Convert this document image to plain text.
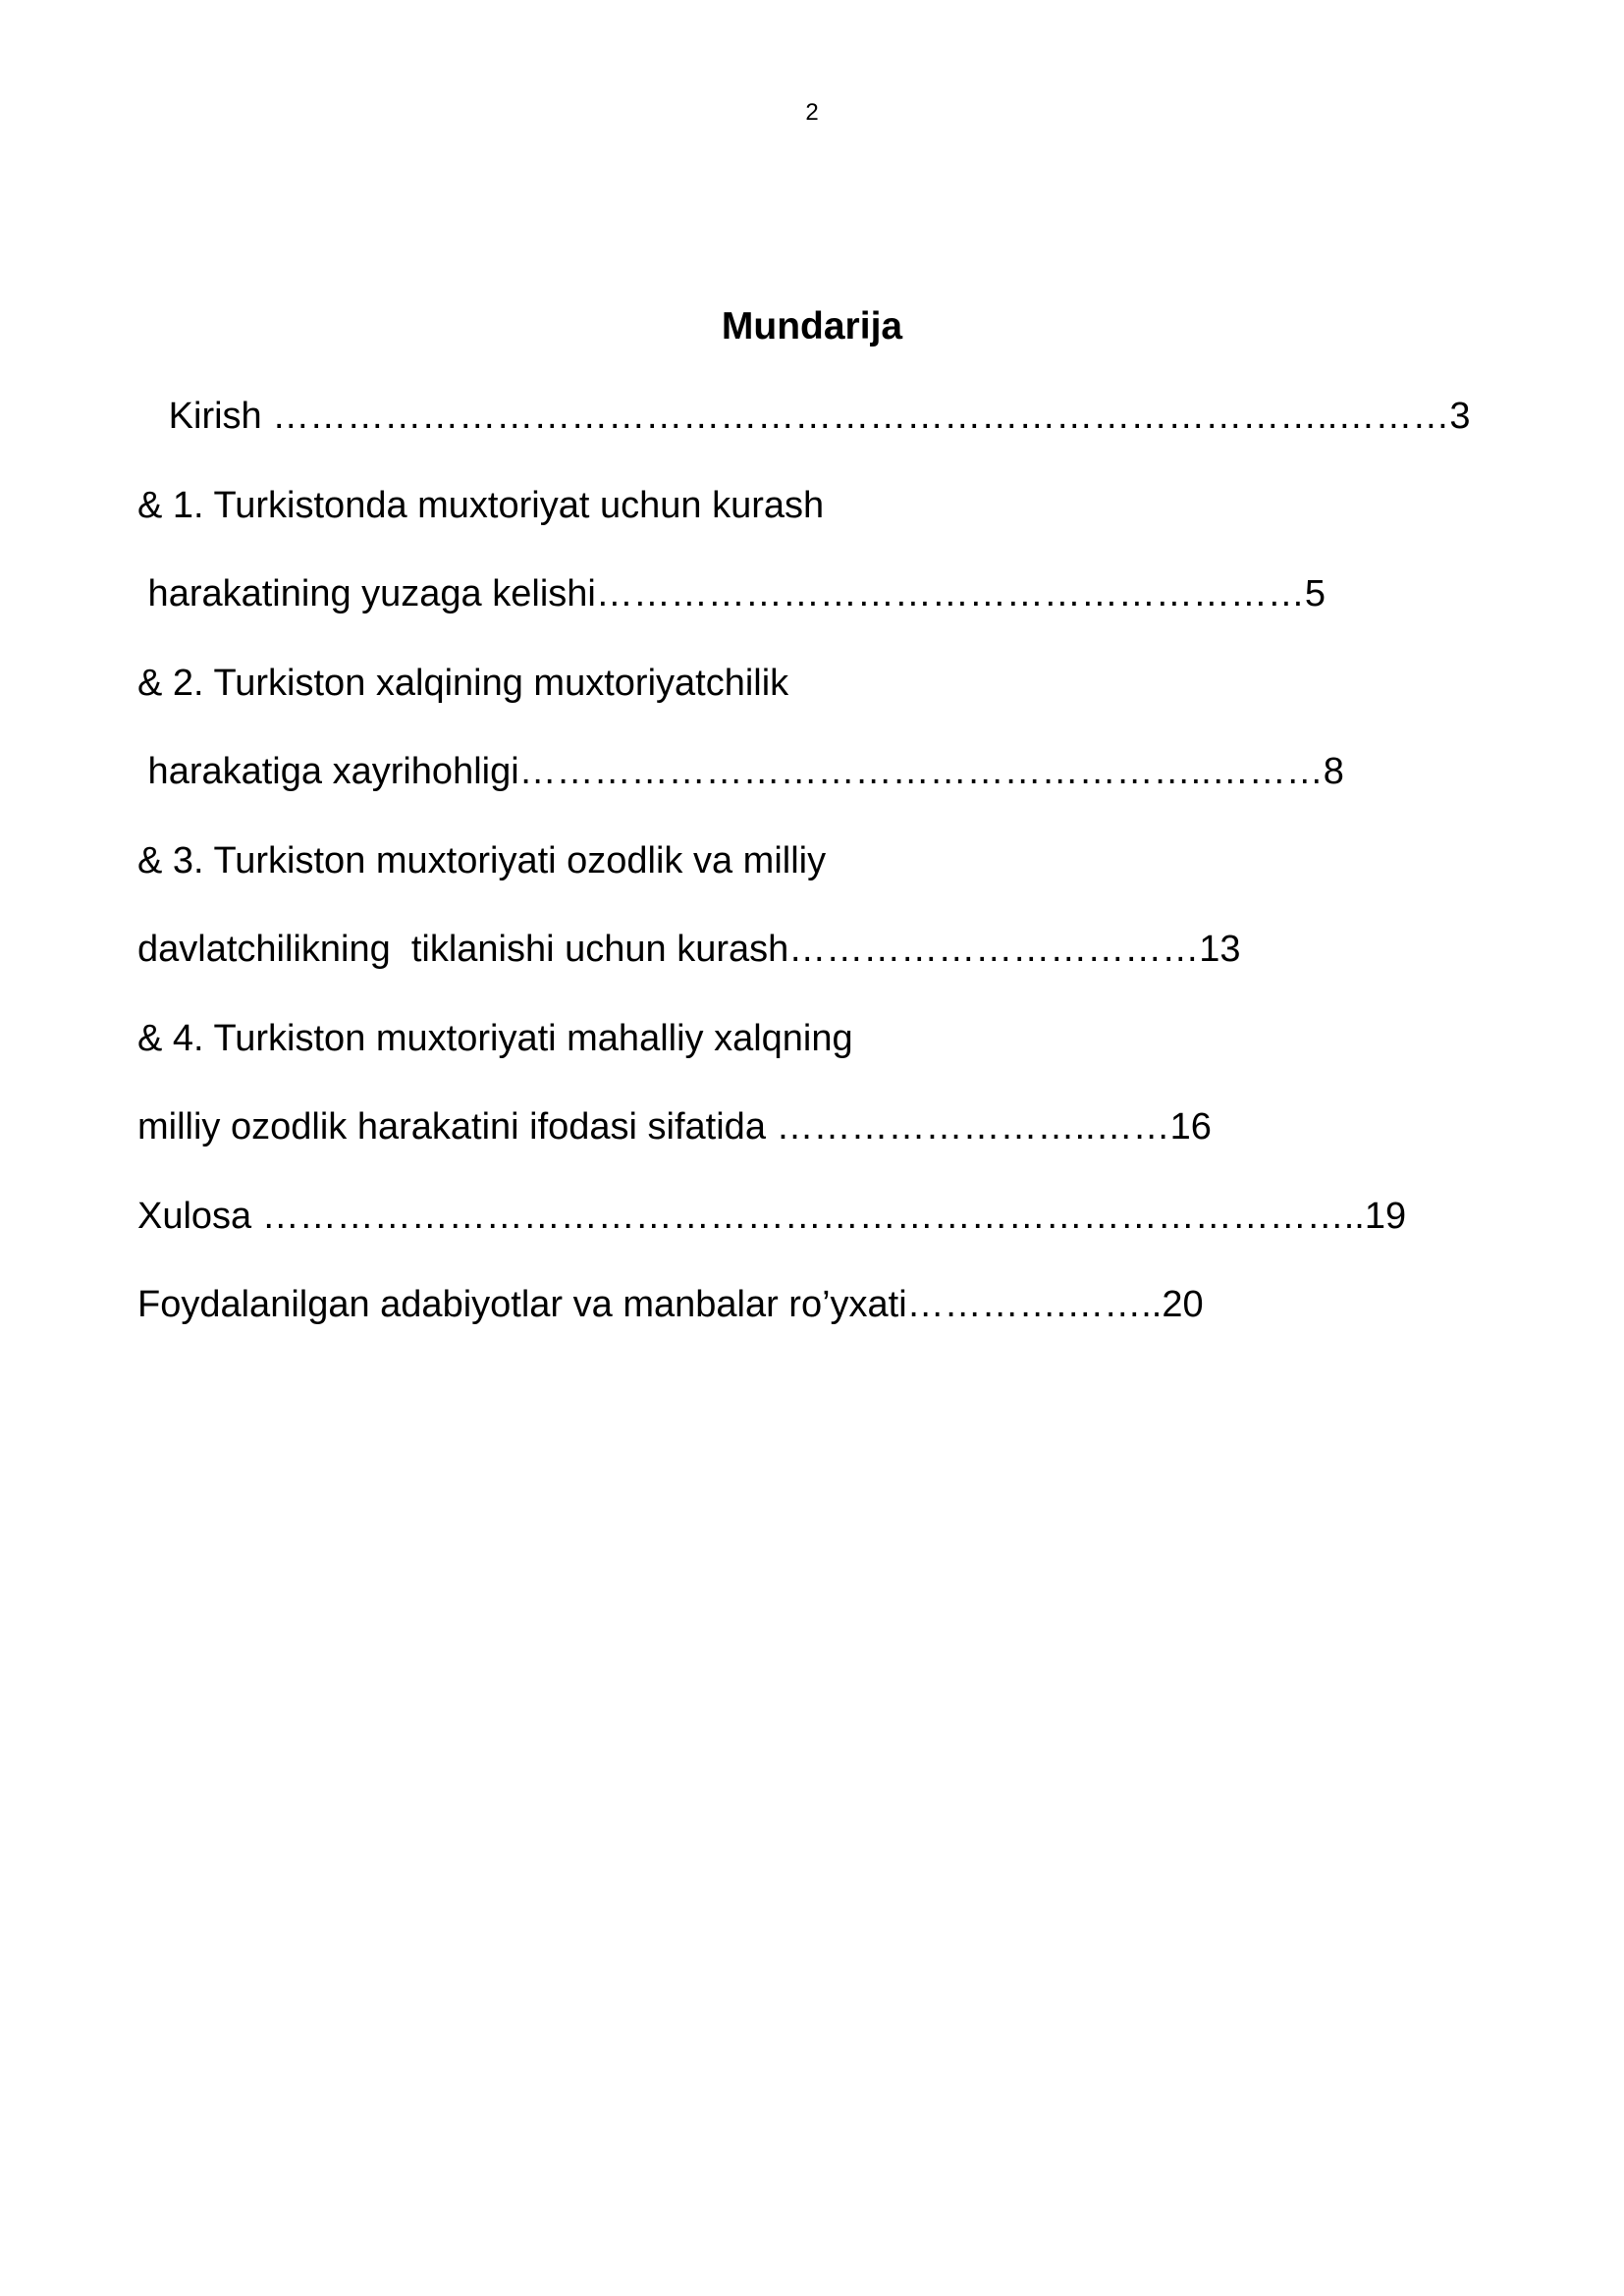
2
Mundarija
Kirish …………………………………………………………………………..………3
& 1. Turkistonda muxtoriyat uchun kurash
harakatining yuzaga kelishi…………………………………………………5
& 2. Turkiston xalqining muxtoriyatchilik
harakatiga xayrihohligi………………………………………………..………8
& 3. Turkiston muxtoriyati ozodlik va milliy
davlatchilikning  tiklanishi uchun kurash……………………………13
& 4. Turkiston muxtoriyati mahalliy xalqning
milliy ozodlik harakatini ifodasi sifatida ……………………..……16
Xulosa ……………………………………………………………………………..19
Foydalanilgan adabiyotlar va manbalar ro’yxati………….……..20
